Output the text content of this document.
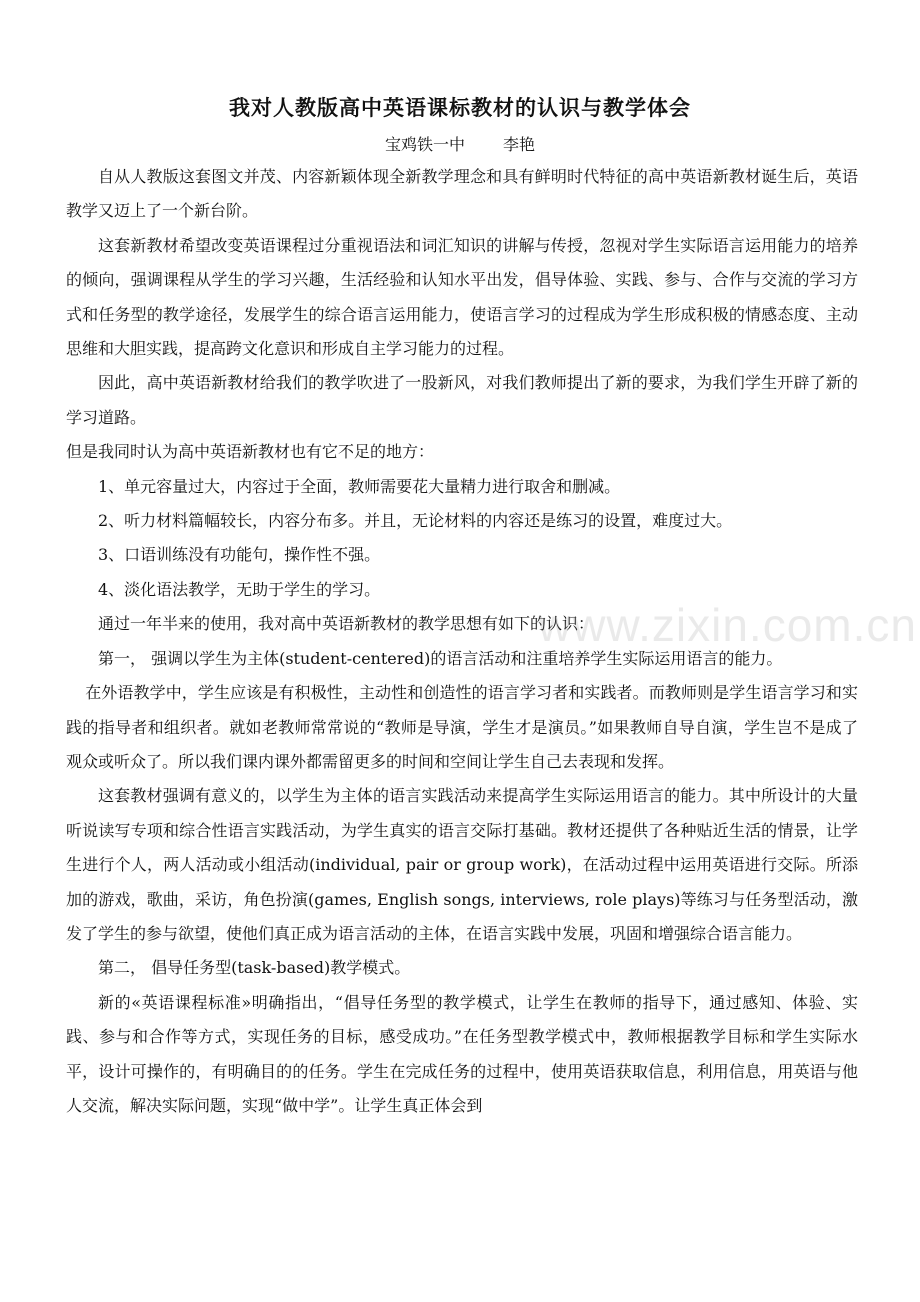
我对人教版高中英语课标教材的认识与教学体会
宝鸡铁一中 李艳

自从人教版这套图文并茂、内容新颖体现全新教学理念和具有鲜明时代特征的高中英语新教材诞生后，英语教学又迈上了一个新台阶。

这套新教材希望改变英语课程过分重视语法和词汇知识的讲解与传授，忽视对学生实际语言运用能力的培养的倾向，强调课程从学生的学习兴趣，生活经验和认知水平出发，倡导体验、实践、参与、合作与交流的学习方式和任务型的教学途径，发展学生的综合语言运用能力，使语言学习的过程成为学生形成积极的情感态度、主动思维和大胆实践，提高跨文化意识和形成自主学习能力的过程。

因此，高中英语新教材给我们的教学吹进了一股新风，对我们教师提出了新的要求，为我们学生开辟了新的学习道路。

但是我同时认为高中英语新教材也有它不足的地方：

1、单元容量过大，内容过于全面，教师需要花大量精力进行取舍和删减。

2、听力材料篇幅较长，内容分布多。并且，无论材料的内容还是练习的设置，难度过大。

3、口语训练没有功能句，操作性不强。

4、淡化语法教学，无助于学生的学习。

通过一年半来的使用，我对高中英语新教材的教学思想有如下的认识：

第一， 强调以学生为主体(student-centered)的语言活动和注重培养学生实际运用语言的能力。

在外语教学中，学生应该是有积极性，主动性和创造性的语言学习者和实践者。而教师则是学生语言学习和实践的指导者和组织者。就如老教师常常说的“教师是导演，学生才是演员。”如果教师自导自演，学生岂不是成了观众或听众了。所以我们课内课外都需留更多的时间和空间让学生自己去表现和发挥。

这套教材强调有意义的，以学生为主体的语言实践活动来提高学生实际运用语言的能力。其中所设计的大量听说读写专项和综合性语言实践活动，为学生真实的语言交际打基础。教材还提供了各种贴近生活的情景，让学生进行个人，两人活动或小组活动(individual, pair or group work)，在活动过程中运用英语进行交际。所添加的游戏，歌曲，采访，角色扮演(games, English songs, interviews, role plays)等练习与任务型活动，激发了学生的参与欲望，使他们真正成为语言活动的主体，在语言实践中发展，巩固和增强综合语言能力。

第二， 倡导任务型(task-based)教学模式。

新的«英语课程标准»明确指出，“倡导任务型的教学模式，让学生在教师的指导下，通过感知、体验、实践、参与和合作等方式，实现任务的目标，感受成功。”在任务型教学模式中，教师根据教学目标和学生实际水平，设计可操作的，有明确目的的任务。学生在完成任务的过程中，使用英语获取信息，利用信息，用英语与他人交流，解决实际问题，实现“做中学”。让学生真正体会到

www.zixin.com.cn
